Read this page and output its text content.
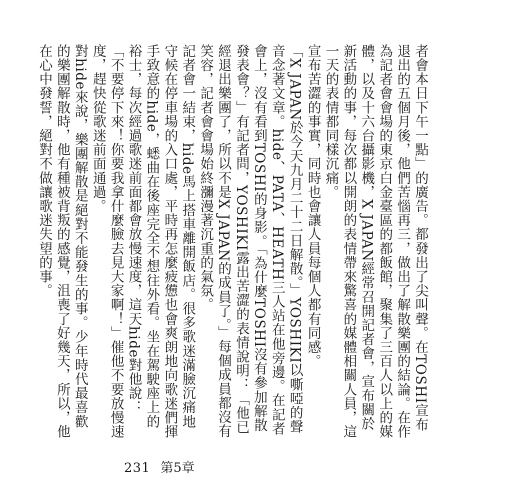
者會本日下午一點」的廣告。都發出了尖叫聲。在TOSHI宣布退出的五個月後，他們苦惱再三，做出了解散樂團的結論。在作為記者會會場的東京白金臺區的都飯館，聚集了三百人以上的媒體，以及十六台攝影機，X JAPAN經常召開記者會，宣布關於新活動的事，每次都以開朗的表情帶來驚喜的媒體相關人員，這一天的表情都同樣沉痛。

宣布苦澀的事實，同時也會讓人員每個人都有同感。

「X JAPAN於今天九月二十二日解散。」YOSHIKI以嘶啞的聲音念著文章。hide、PATA、HEATH三人站在他旁邊。在記者會上，沒有看到TOSHI的身影。「為什麼TOSHI沒有參加解散發表會？」有記者問，YOSHIKI露出苦澀的表情說明：「他已經退出樂團了，所以不是X JAPAN的成員了。」每個成員都沒有笑容，記者會會場始終瀰漫著沉重的氣氛。

記者會一結束，hide馬上搭車離開飯店。很多歌迷滿臉沉痛地守候在停車場的入口處，平時再怎麼疲憊也會爽朗地向歌迷們揮手致意的hide，蟋曲在後座完全不想往外看。坐在駕駛座上的裕士，每次經過歌迷前面都會放慢速度，這天hide對他說：「不要停下來！你要我拿什麼臉去見大家啊！」催他不要放慢速度，趕快從歌迷前面通過。

對hide來說，樂團解散是絕對不能發生的事。少年時代最喜歡的樂團解散時，他有種被背叛的感覺，沮喪了好幾天，所以，他在心中發誓，絕對不做讓歌迷失望的事。

231 第5章
